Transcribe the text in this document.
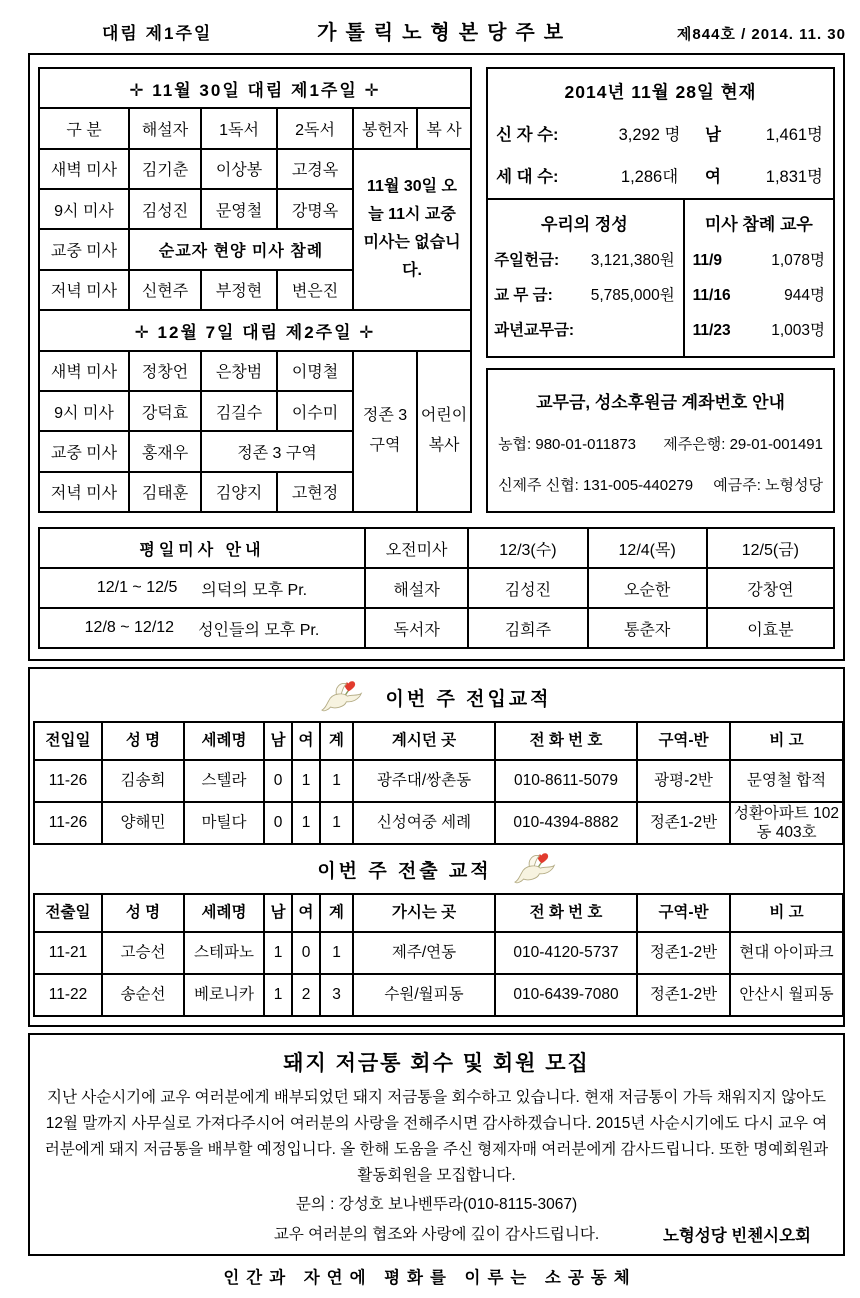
대림 제1주일	가톨릭노형본당주보	제844호 / 2014. 11. 30
✛ 11월 30일 대림 제1주일 ✛					
구 분	해설자	1독서	2독서	봉헌자	복 사
새벽 미사	김기춘	이상봉	고경옥	11월 30일 오늘 11시 교중미사는 없습니다.	
9시 미사	김성진	문영철	강명옥		
교중 미사	순교자 현양 미사 참례				
저녁 미사	신현주	부정현	변은진		
✛ 12월 7일 대림 제2주일 ✛					
새벽 미사	정창언	은창범	이명철	정존 3 구역	어린이 복사
9시 미사	강덕효	김길수	이수미		
교중 미사	홍재우	정존 3 구역			
저녁 미사	김태훈	김양지	고현정		
2014년 11월 28일 현재
신 자 수:	3,292 명	남	1,461명
세 대 수:	1,286대	여	1,831명
우리의 정성
주일헌금: 3,121,380원
교 무 금: 5,785,000원
과년교무금:
미사 참례 교우
11/9	1,078명
11/16	944명
11/23	1,003명
교무금, 성소후원금 계좌번호 안내
농협: 980-01-011873 제주은행: 29-01-001491
신제주 신협: 131-005-440279 예금주: 노형성당
평일미사 안내	오전미사	12/3(수)	12/4(목)	12/5(금)

12/1 ~ 12/5 의덕의 모후 Pr.	해설자	김성진	오순한	강창연

12/8 ~ 12/12 성인들의 모후 Pr.	독서자	김희주	통춘자	이효분
이번 주 전입교적
전입일	성 명	세례명	남	여	계	계시던 곳	전 화 번 호	구역-반	비 고
11-26	김송희	스텔라	0	1	1	광주대/쌍촌동	010-8611-5079	광평-2반	문영철 합적
11-26	양해민	마틸다	0	1	1	신성여중 세례	010-4394-8882	정존1-2반	성환아파트 102동 403호
이번 주 전출 교적
전출일	성 명	세례명	남	여	계	가시는 곳	전 화 번 호	구역-반	비 고
11-21	고승선	스테파노	1	0	1	제주/연동	010-4120-5737	정존1-2반	현대 아이파크
11-22	송순선	베로니카	1	2	3	수원/월피동	010-6439-7080	정존1-2반	안산시 월피동
돼지 저금통 회수 및 회원 모집

지난 사순시기에 교우 여러분에게 배부되었던 돼지 저금통을 회수하고 있습니다. 현재 저금통이 가득 채워지지 않아도 12월 말까지 사무실로 가져다주시어 여러분의 사랑을 전해주시면 감사하겠습니다. 2015년 사순시기에도 다시 교우 여러분에게 돼지 저금통을 배부할 예정입니다. 올 한해 도움을 주신 형제자매 여러분에게 감사드립니다. 또한 명예회원과 활동회원을 모집합니다.

문의 : 강성호 보나벤뚜라(010-8115-3067)
교우 여러분의 협조와 사랑에 깊이 감사드립니다.	노형성당 빈첸시오회
인간과 자연에 평화를 이루는 소공동체
